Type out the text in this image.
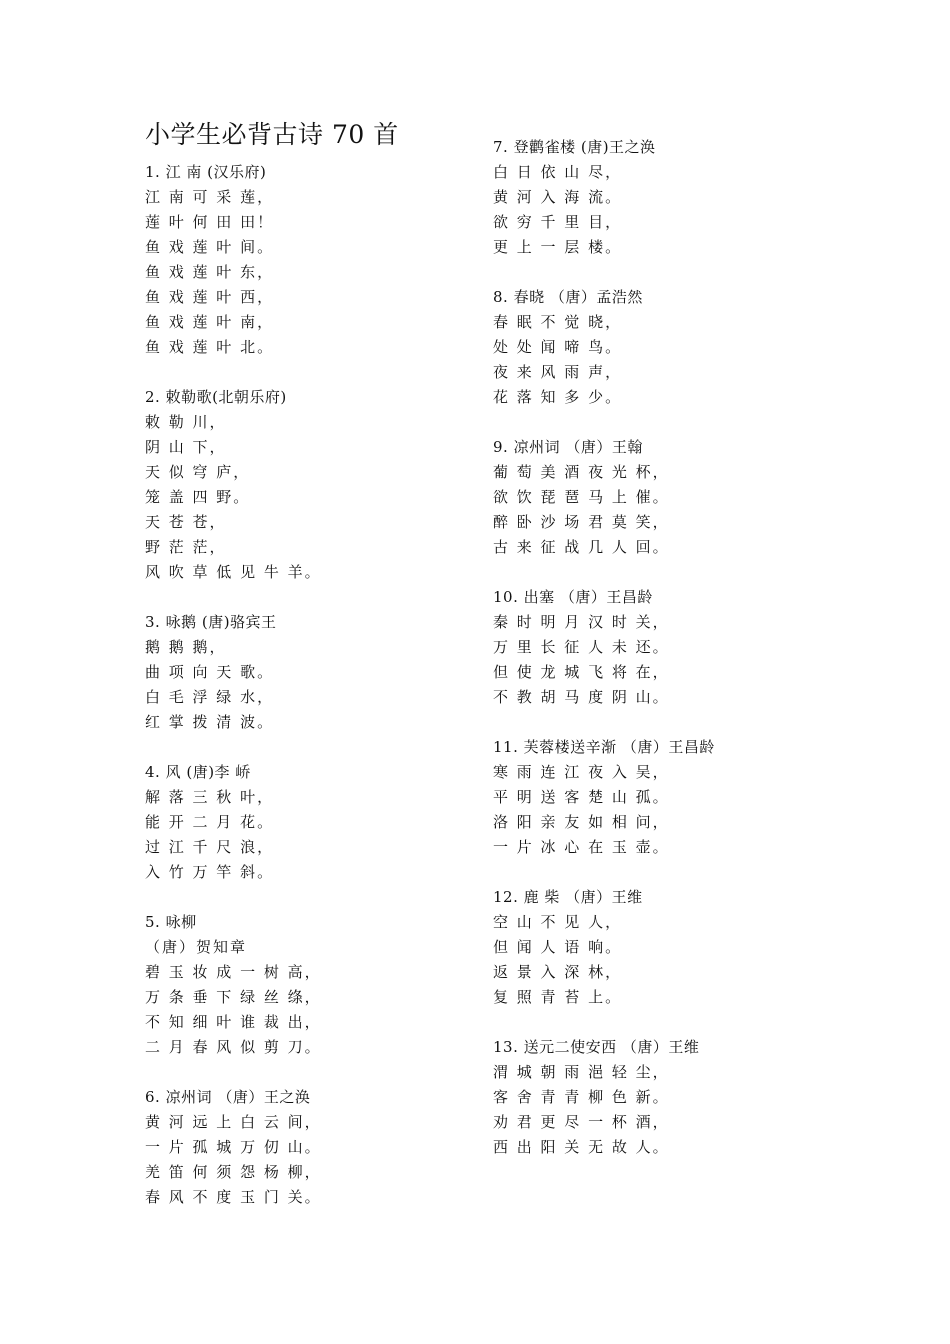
小学生必背古诗 70 首
1. 江 南 (汉乐府)
江 南 可 采 莲，
莲 叶 何 田 田！
鱼 戏 莲 叶 间。
鱼 戏 莲 叶 东，
鱼 戏 莲 叶 西，
鱼 戏 莲 叶 南，
鱼 戏 莲 叶 北。
2. 敕勒歌(北朝乐府)
敕 勒 川，
阴 山 下，
天 似 穹 庐，
笼 盖 四 野。
天 苍 苍，
野 茫 茫，
风 吹 草 低 见 牛 羊。
3. 咏鹅 (唐)骆宾王
鹅 鹅 鹅，
曲 项 向 天 歌。
白 毛 浮 绿 水，
红 掌 拨 清 波。
4. 风 (唐)李 峤
解 落 三 秋 叶，
能 开 二 月 花。
过 江 千 尺 浪，
入 竹 万 竿 斜。
5. 咏柳
（唐）贺知章
碧 玉 妆 成 一 树 高，
万 条 垂 下 绿 丝 绦，
不 知 细 叶 谁 裁 出，
二 月 春 风 似 剪 刀。
6. 凉州词 （唐）王之涣
黄 河 远 上 白 云 间，
一 片 孤 城 万 仞 山。
羌 笛 何 须 怨 杨 柳，
春 风 不 度 玉 门 关。
7. 登鹳雀楼 (唐)王之涣
白 日 依 山 尽，
黄 河 入 海 流。
欲 穷 千 里 目，
更 上 一 层 楼。
8. 春晓 （唐）孟浩然
春 眠 不 觉 晓，
处 处 闻 啼 鸟。
夜 来 风 雨 声，
花 落 知 多 少。
9. 凉州词 （唐）王翰
葡 萄 美 酒 夜 光 杯，
欲 饮 琵 琶 马 上 催。
醉 卧 沙 场 君 莫 笑，
古 来 征 战 几 人 回。
10. 出塞 （唐）王昌龄
秦 时 明 月 汉 时 关，
万 里 长 征 人 未 还。
但 使 龙 城 飞 将 在，
不 教 胡 马 度 阴 山。
11. 芙蓉楼送辛渐 （唐）王昌龄
寒 雨 连 江 夜 入 吴，
平 明 送 客 楚 山 孤。
洛 阳 亲 友 如 相 问，
一 片 冰 心 在 玉 壶。
12. 鹿 柴 （唐）王维
空 山 不 见 人，
但 闻 人 语 响。
返 景 入 深 林，
复 照 青 苔 上。
13. 送元二使安西 （唐）王维
渭 城 朝 雨 浥 轻 尘，
客 舍 青 青 柳 色 新。
劝 君 更 尽 一 杯 酒，
西 出 阳 关 无 故 人。
